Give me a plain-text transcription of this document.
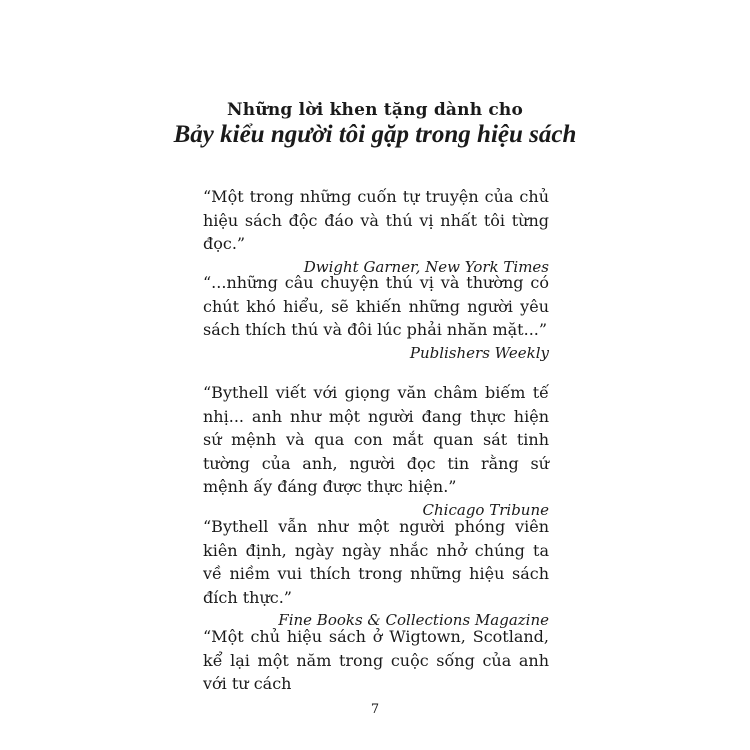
Những lời khen tặng dành cho
Bảy kiểu người tôi gặp trong hiệu sách

“Một trong những cuốn tự truyện của chủ hiệu sách độc đáo và thú vị nhất tôi từng đọc.”

Dwight Garner, New York Times

“...những câu chuyện thú vị và thường có chút khó hiểu, sẽ khiến những người yêu sách thích thú và đôi lúc phải nhăn mặt...”

Publishers Weekly

“Bythell viết với giọng văn châm biếm tế nhị... anh như một người đang thực hiện sứ mệnh và qua con mắt quan sát tinh tường của anh, người đọc tin rằng sứ mệnh ấy đáng được thực hiện.”

Chicago Tribune

“Bythell vẫn như một người phóng viên kiên định, ngày ngày nhắc nhở chúng ta về niềm vui thích trong những hiệu sách đích thực.”

Fine Books & Collections Magazine

“Một chủ hiệu sách ở Wigtown, Scotland, kể lại một năm trong cuộc sống của anh với tư cách

7
